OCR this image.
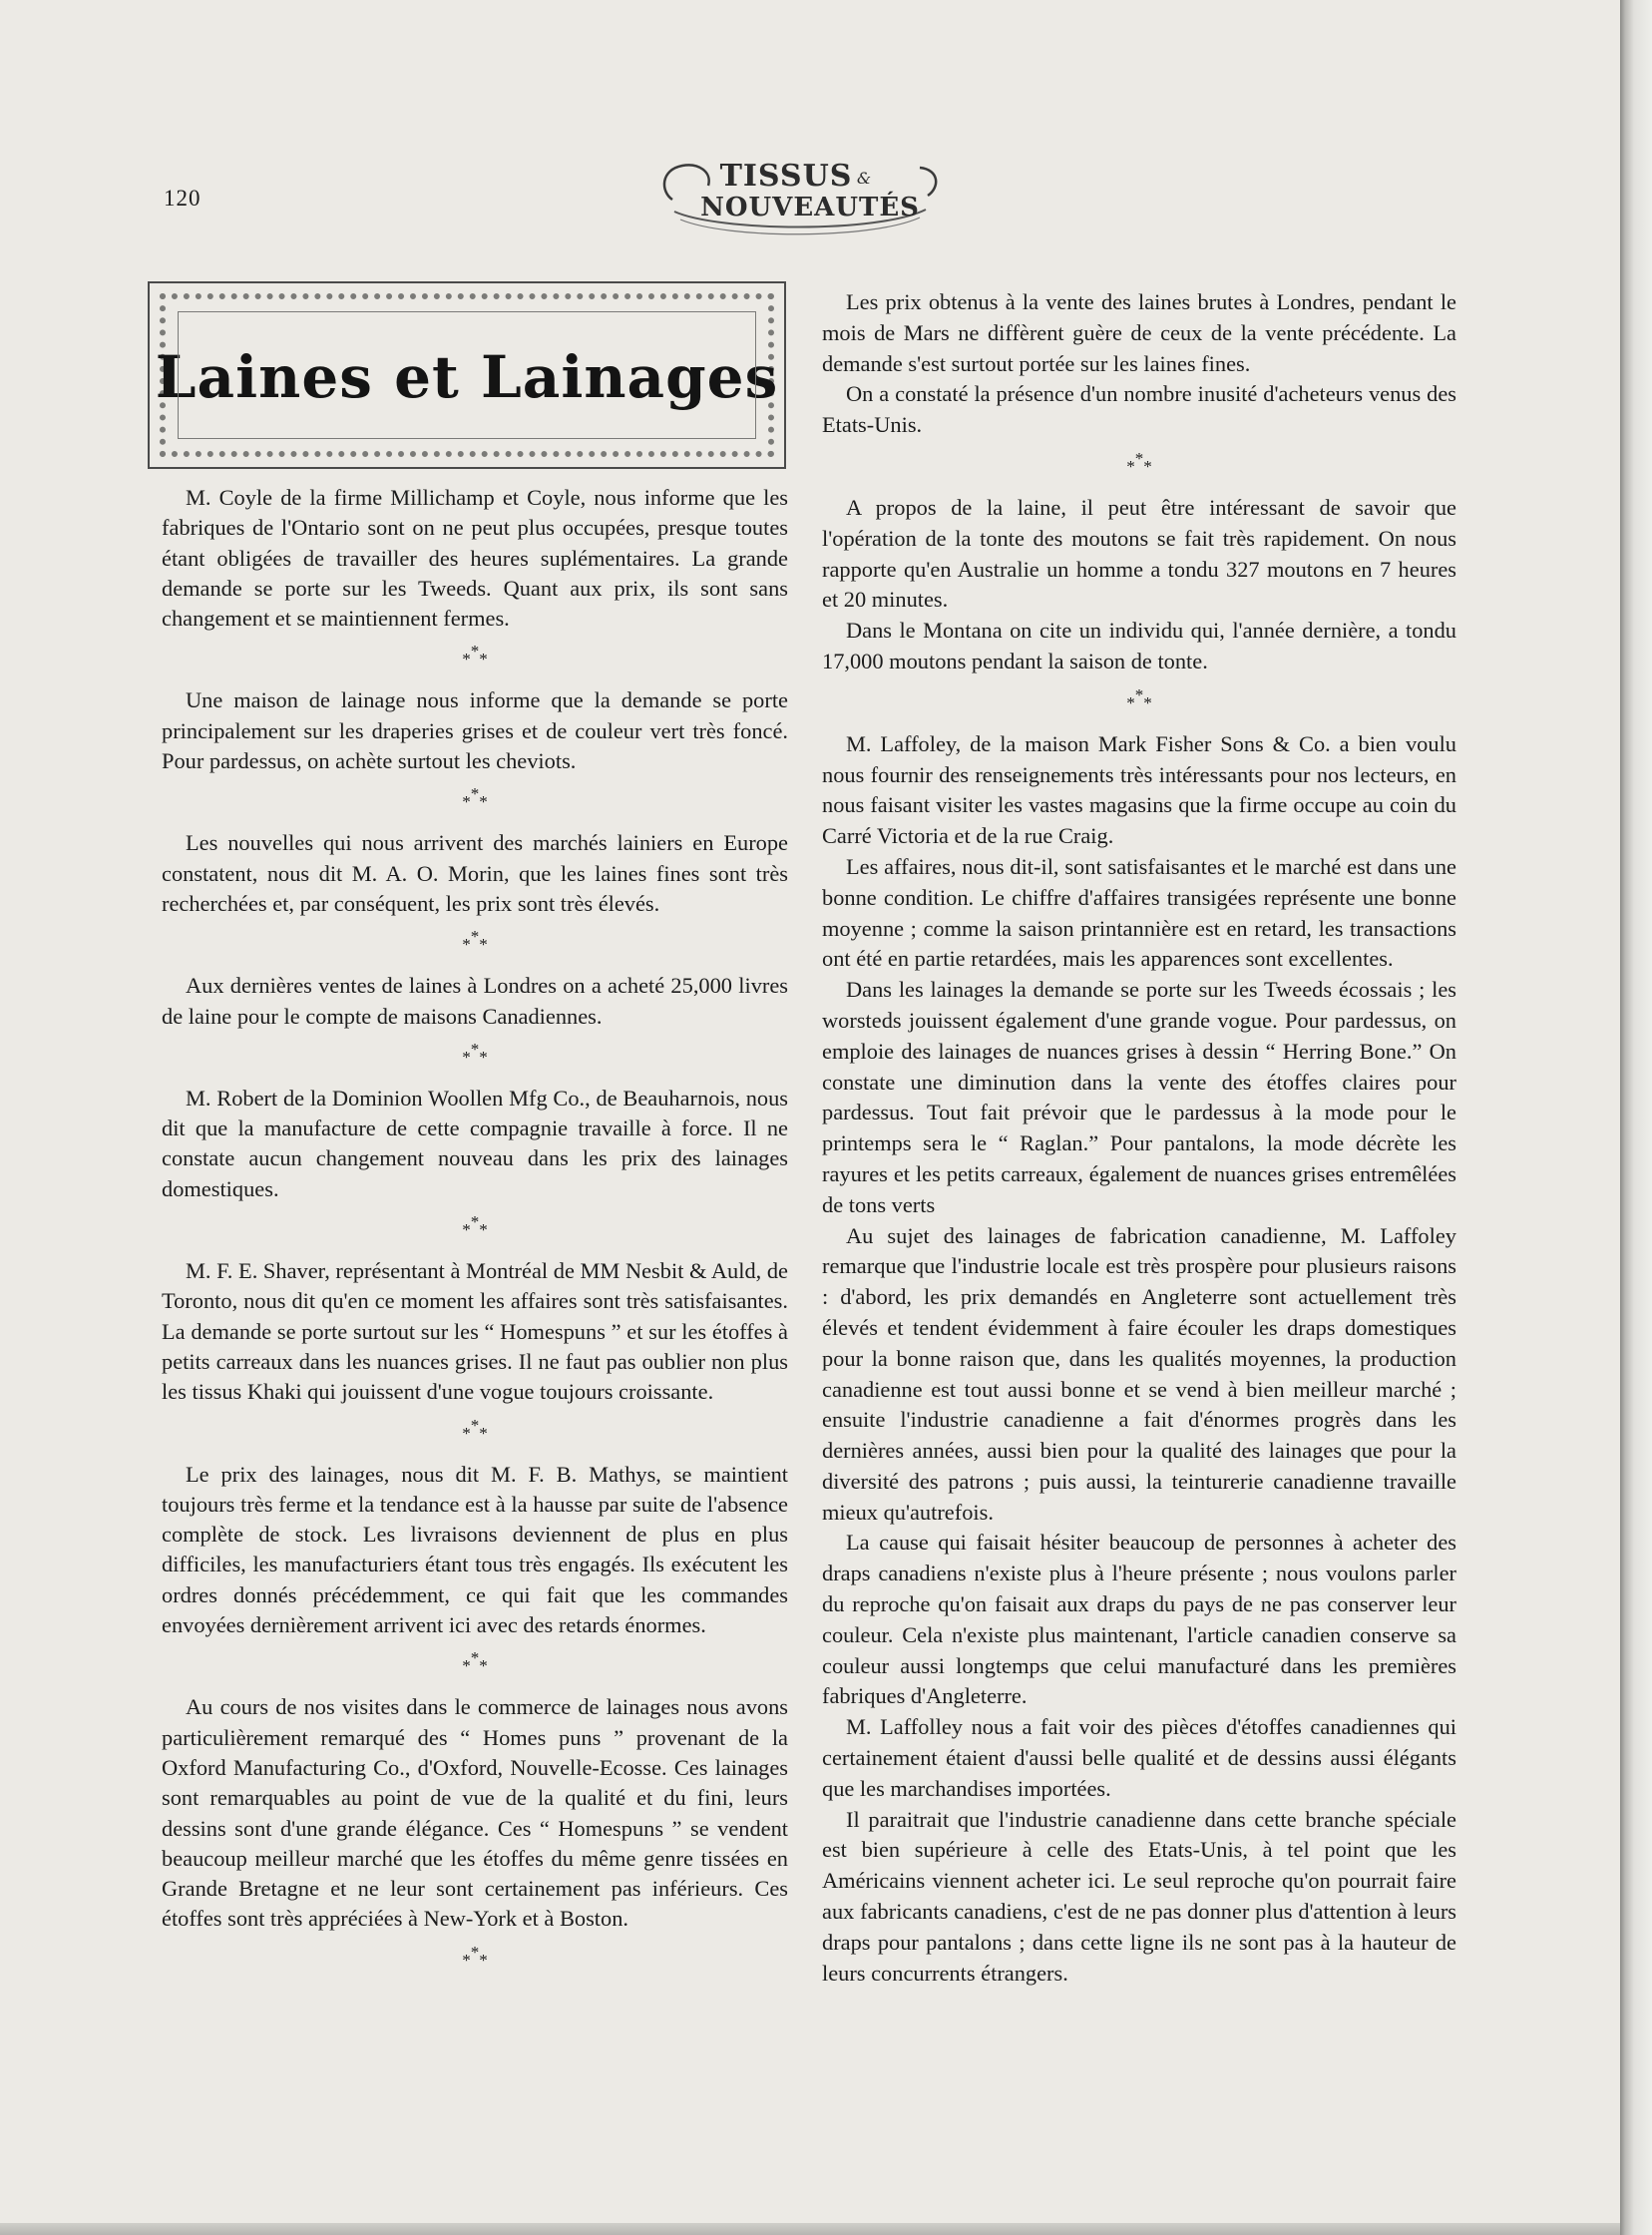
120
TISSUS &
NOUVEAUTÉS
Laines et Lainages

M. Coyle de la firme Millichamp et Coyle, nous informe que les fabriques de l'Ontario sont on ne peut plus occupées, presque toutes étant obligées de travailler des heures suplémentaires. La grande demande se porte sur les Tweeds. Quant aux prix, ils sont sans changement et se maintiennent fermes.

***

Une maison de lainage nous informe que la demande se porte principalement sur les draperies grises et de couleur vert très foncé. Pour pardessus, on achète surtout les cheviots.

***

Les nouvelles qui nous arrivent des marchés lainiers en Europe constatent, nous dit M. A. O. Morin, que les laines fines sont très recherchées et, par conséquent, les prix sont très élevés.

***

Aux dernières ventes de laines à Londres on a acheté 25,000 livres de laine pour le compte de maisons Canadiennes.

***

M. Robert de la Dominion Woollen Mfg Co., de Beauharnois, nous dit que la manufacture de cette compagnie travaille à force. Il ne constate aucun changement nouveau dans les prix des lainages domestiques.

***

M. F. E. Shaver, représentant à Montréal de MM Nesbit & Auld, de Toronto, nous dit qu'en ce moment les affaires sont très satisfaisantes. La demande se porte surtout sur les “ Homespuns ” et sur les étoffes à petits carreaux dans les nuances grises. Il ne faut pas oublier non plus les tissus Khaki qui jouissent d'une vogue toujours croissante.

***

Le prix des lainages, nous dit M. F. B. Mathys, se maintient toujours très ferme et la tendance est à la hausse par suite de l'absence complète de stock. Les livraisons deviennent de plus en plus difficiles, les manufacturiers étant tous très engagés. Ils exécutent les ordres donnés précédemment, ce qui fait que les commandes envoyées dernièrement arrivent ici avec des retards énormes.

***

Au cours de nos visites dans le commerce de lainages nous avons particulièrement remarqué des “ Homes puns ” provenant de la Oxford Manufacturing Co., d'Oxford, Nouvelle-Ecosse. Ces lainages sont remarquables au point de vue de la qualité et du fini, leurs dessins sont d'une grande élégance. Ces “ Homespuns ” se vendent beaucoup meilleur marché que les étoffes du même genre tissées en Grande Bretagne et ne leur sont certainement pas inférieurs. Ces étoffes sont très appréciées à New-York et à Boston.

***

Les prix obtenus à la vente des laines brutes à Londres, pendant le mois de Mars ne diffèrent guère de ceux de la vente précédente. La demande s'est surtout portée sur les laines fines.

On a constaté la présence d'un nombre inusité d'acheteurs venus des Etats-Unis.

***

A propos de la laine, il peut être intéressant de savoir que l'opération de la tonte des moutons se fait très rapidement. On nous rapporte qu'en Australie un homme a tondu 327 moutons en 7 heures et 20 minutes.

Dans le Montana on cite un individu qui, l'année dernière, a tondu 17,000 moutons pendant la saison de tonte.

***

M. Laffoley, de la maison Mark Fisher Sons & Co. a bien voulu nous fournir des renseignements très intéressants pour nos lecteurs, en nous faisant visiter les vastes magasins que la firme occupe au coin du Carré Victoria et de la rue Craig.

Les affaires, nous dit-il, sont satisfaisantes et le marché est dans une bonne condition. Le chiffre d'affaires transigées représente une bonne moyenne ; comme la saison printannière est en retard, les transactions ont été en partie retardées, mais les apparences sont excellentes.

Dans les lainages la demande se porte sur les Tweeds écossais ; les worsteds jouissent également d'une grande vogue. Pour pardessus, on emploie des lainages de nuances grises à dessin “ Herring Bone.” On constate une diminution dans la vente des étoffes claires pour pardessus. Tout fait prévoir que le pardessus à la mode pour le printemps sera le “ Raglan.” Pour pantalons, la mode décrète les rayures et les petits carreaux, également de nuances grises entremêlées de tons verts

Au sujet des lainages de fabrication canadienne, M. Laffoley remarque que l'industrie locale est très prospère pour plusieurs raisons : d'abord, les prix demandés en Angleterre sont actuellement très élevés et tendent évidemment à faire écouler les draps domestiques pour la bonne raison que, dans les qualités moyennes, la production canadienne est tout aussi bonne et se vend à bien meilleur marché ; ensuite l'industrie canadienne a fait d'énormes progrès dans les dernières années, aussi bien pour la qualité des lainages que pour la diversité des patrons ; puis aussi, la teinturerie canadienne travaille mieux qu'autrefois.

La cause qui faisait hésiter beaucoup de personnes à acheter des draps canadiens n'existe plus à l'heure présente ; nous voulons parler du reproche qu'on faisait aux draps du pays de ne pas conserver leur couleur. Cela n'existe plus maintenant, l'article canadien conserve sa couleur aussi longtemps que celui manufacturé dans les premières fabriques d'Angleterre.

M. Laffolley nous a fait voir des pièces d'étoffes canadiennes qui certainement étaient d'aussi belle qualité et de dessins aussi élégants que les marchandises importées.

Il paraitrait que l'industrie canadienne dans cette branche spéciale est bien supérieure à celle des Etats-Unis, à tel point que les Américains viennent acheter ici. Le seul reproche qu'on pourrait faire aux fabricants canadiens, c'est de ne pas donner plus d'attention à leurs draps pour pantalons ; dans cette ligne ils ne sont pas à la hauteur de leurs concurrents étrangers.
